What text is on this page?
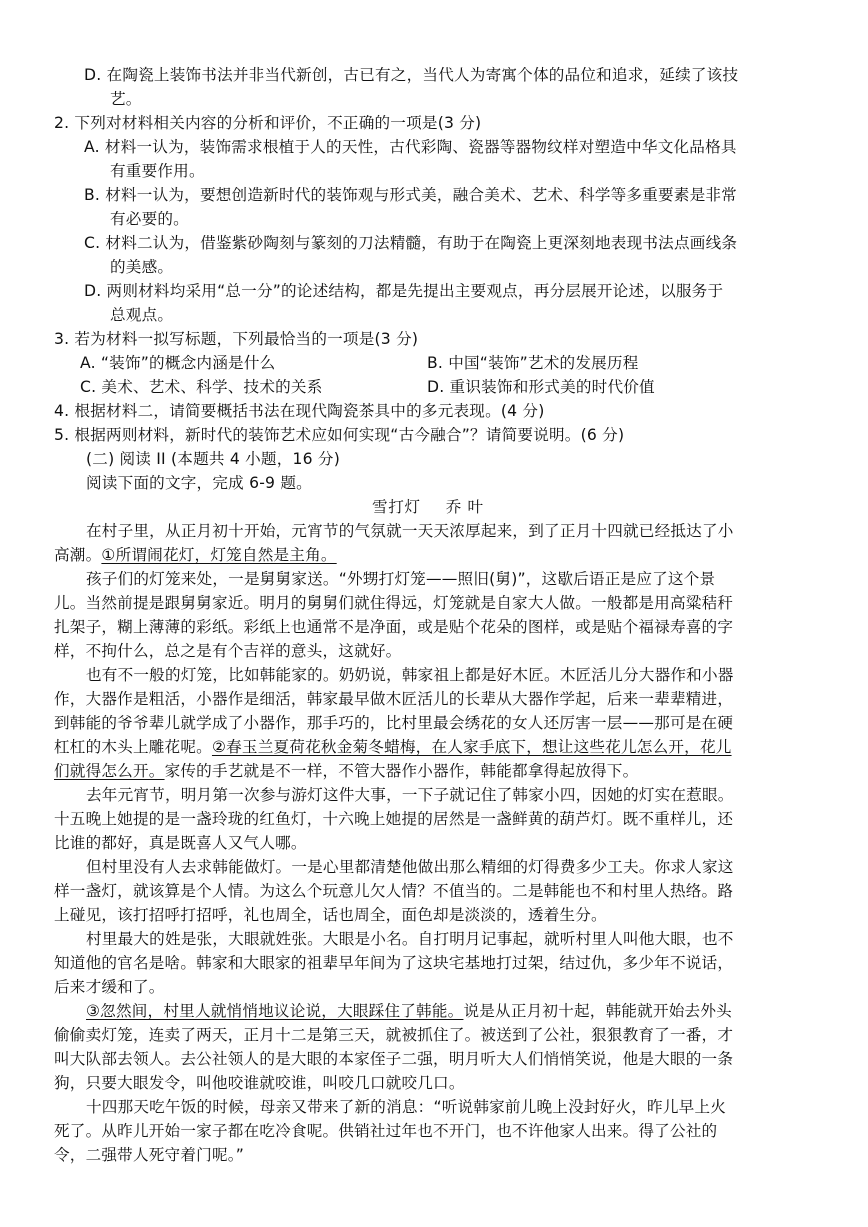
D. 在陶瓷上装饰书法并非当代新创，古已有之，当代人为寄寓个体的品位和追求，延续了该技
艺。
2. 下列对材料相关内容的分析和评价，不正确的一项是(3 分)
A. 材料一认为，装饰需求根植于人的天性，古代彩陶、瓷器等器物纹样对塑造中华文化品格具
有重要作用。
B. 材料一认为，要想创造新时代的装饰观与形式美，融合美术、艺术、科学等多重要素是非常
有必要的。
C. 材料二认为，借鉴紫砂陶刻与篆刻的刀法精髓，有助于在陶瓷上更深刻地表现书法点画线条
的美感。
D. 两则材料均采用“总一分”的论述结构，都是先提出主要观点，再分层展开论述，以服务于
总观点。
3. 若为材料一拟写标题，下列最恰当的一项是(3 分)
A. “装饰”的概念内涵是什么	B. 中国“装饰”艺术的发展历程
C. 美术、艺术、科学、技术的关系	D. 重识装饰和形式美的时代价值
4. 根据材料二，请简要概括书法在现代陶瓷茶具中的多元表现。(4 分)
5. 根据两则材料，新时代的装饰艺术应如何实现“古今融合”？请简要说明。(6 分)
(二) 阅读 II (本题共 4 小题，16 分)
阅读下面的文字，完成 6-9 题。
雪打灯 乔 叶
在村子里，从正月初十开始，元宵节的气氛就一天天浓厚起来，到了正月十四就已经抵达了小
高潮。①所谓闹花灯，灯笼自然是主角。
孩子们的灯笼来处，一是舅舅家送。“外甥打灯笼——照旧(舅)”，这歇后语正是应了这个景
儿。当然前提是跟舅舅家近。明月的舅舅们就住得远，灯笼就是自家大人做。一般都是用高粱秸秆
扎架子，糊上薄薄的彩纸。彩纸上也通常不是净面，或是贴个花朵的图样，或是贴个福禄寿喜的字
样，不拘什么，总之是有个吉祥的意头，这就好。
也有不一般的灯笼，比如韩能家的。奶奶说，韩家祖上都是好木匠。木匠活儿分大器作和小器
作，大器作是粗活，小器作是细活，韩家最早做木匠活儿的长辈从大器作学起，后来一辈辈精进，
到韩能的爷爷辈儿就学成了小器作，那手巧的，比村里最会绣花的女人还厉害一层——那可是在硬
杠杠的木头上雕花呢。②春玉兰夏荷花秋金菊冬蜡梅，在人家手底下，想让这些花儿怎么开，花儿
们就得怎么开。家传的手艺就是不一样，不管大器作小器作，韩能都拿得起放得下。
去年元宵节，明月第一次参与游灯这件大事，一下子就记住了韩家小四，因她的灯实在惹眼。
十五晚上她提的是一盏玲珑的红鱼灯，十六晚上她提的居然是一盏鲜黄的葫芦灯。既不重样儿，还
比谁的都好，真是既喜人又气人哪。
但村里没有人去求韩能做灯。一是心里都清楚他做出那么精细的灯得费多少工夫。你求人家这
样一盏灯，就该算是个人情。为这么个玩意儿欠人情？不值当的。二是韩能也不和村里人热络。路
上碰见，该打招呼打招呼，礼也周全，话也周全，面色却是淡淡的，透着生分。
村里最大的姓是张，大眼就姓张。大眼是小名。自打明月记事起，就听村里人叫他大眼，也不
知道他的官名是啥。韩家和大眼家的祖辈早年间为了这块宅基地打过架，结过仇，多少年不说话，
后来才缓和了。
③忽然间，村里人就悄悄地议论说，大眼踩住了韩能。说是从正月初十起，韩能就开始去外头
偷偷卖灯笼，连卖了两天，正月十二是第三天，就被抓住了。被送到了公社，狠狠教育了一番，才
叫大队部去领人。去公社领人的是大眼的本家侄子二强，明月听大人们悄悄笑说，他是大眼的一条
狗，只要大眼发令，叫他咬谁就咬谁，叫咬几口就咬几口。
十四那天吃午饭的时候，母亲又带来了新的消息：“听说韩家前儿晚上没封好火，昨儿早上火
死了。从昨儿开始一家子都在吃冷食呢。供销社过年也不开门，也不许他家人出来。得了公社的
令，二强带人死守着门呢。”
